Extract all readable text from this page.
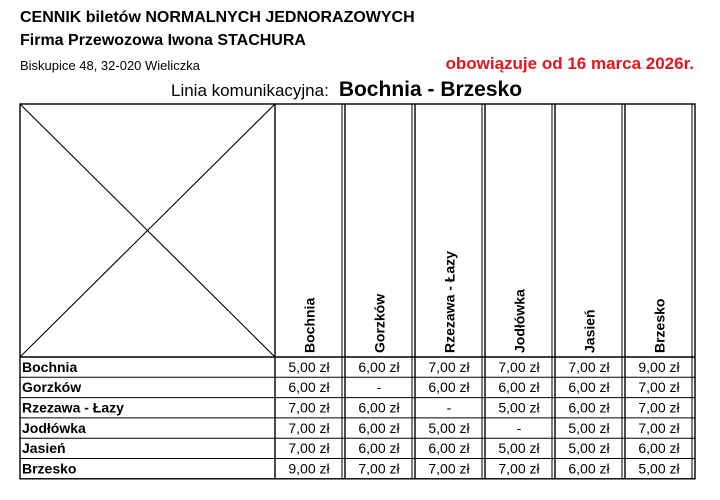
CENNIK biletów NORMALNYCH JEDNORAZOWYCH
Firma Przewozowa Iwona STACHURA
Biskupice 48, 32-020 Wieliczka	obowiązuje od 16 marca 2026r.
Linia komunikacyjna: Bochnia - Brzesko
Bochnia	Gorzków	Rzezawa - Łazy	Jodłówka	Jasień	Brzesko
Bochnia	5,00 zł 6,00 zł 7,00 zł 7,00 zł 7,00 zł 9,00 zł
Gorzków	6,00 zł	-	6,00 zł 6,00 zł 6,00 zł 7,00 zł
Rzezawa - Łazy	7,00 zł 6,00 zł	-	5,00 zł 6,00 zł 7,00 zł
Jodłówka	7,00 zł 6,00 zł 5,00 zł	-	5,00 zł 7,00 zł
Jasień	7,00 zł 6,00 zł 6,00 zł 5,00 zł 5,00 zł 6,00 zł
Brzesko	9,00 zł 7,00 zł 7,00 zł 7,00 zł 6,00 zł 5,00 zł
